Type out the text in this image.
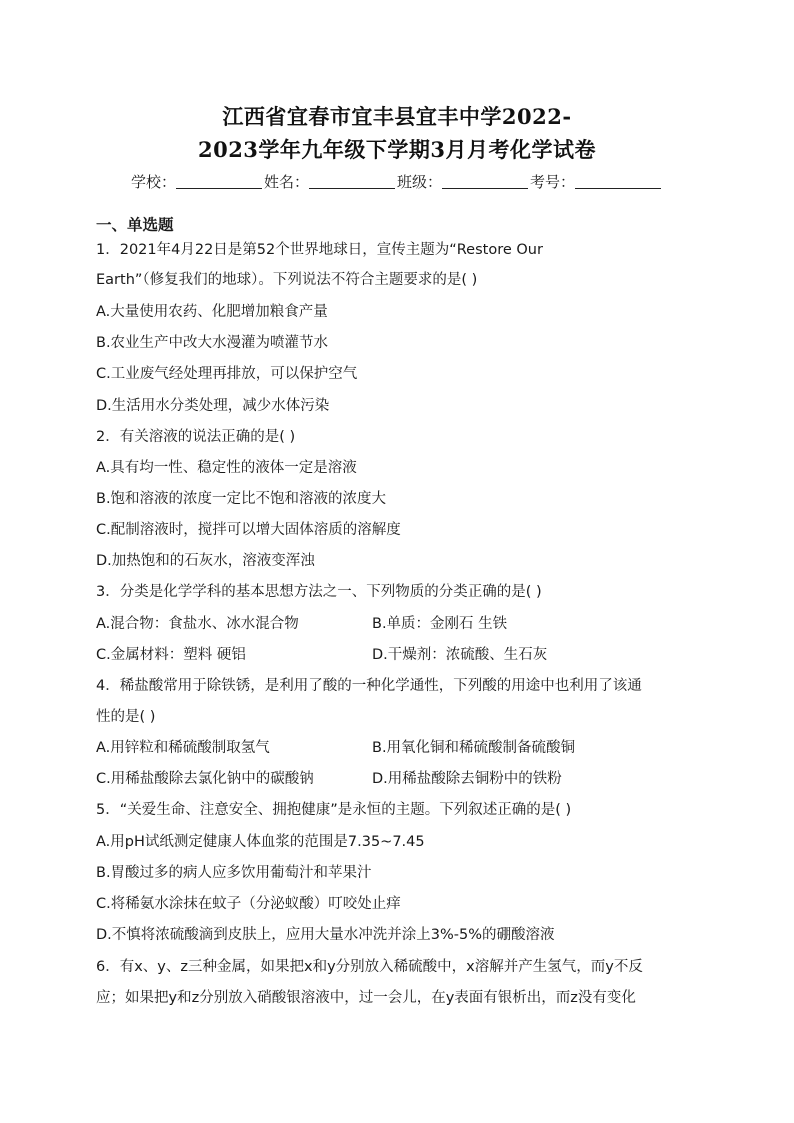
江西省宜春市宜丰县宜丰中学2022-
2023学年九年级下学期3月月考化学试卷
学校：	姓名：	班级：	考号：
一、单选题
1．2021年4月22日是第52个世界地球日，宣传主题为“Restore Our
Earth”（修复我们的地球）。下列说法不符合主题要求的是( )
A.大量使用农药、化肥增加粮食产量
B.农业生产中改大水漫灌为喷灌节水
C.工业废气经处理再排放，可以保护空气
D.生活用水分类处理，减少水体污染
2．有关溶液的说法正确的是( )
A.具有均一性、稳定性的液体一定是溶液
B.饱和溶液的浓度一定比不饱和溶液的浓度大
C.配制溶液时，搅拌可以增大固体溶质的溶解度
D.加热饱和的石灰水，溶液变浑浊
3．分类是化学学科的基本思想方法之一、下列物质的分类正确的是( )
A.混合物：食盐水、冰水混合物	B.单质：金刚石 生铁
C.金属材料：塑料 硬铝	D.干燥剂：浓硫酸、生石灰
4．稀盐酸常用于除铁锈，是利用了酸的一种化学通性，下列酸的用途中也利用了该通
性的是( )
A.用锌粒和稀硫酸制取氢气	B.用氧化铜和稀硫酸制备硫酸铜
C.用稀盐酸除去氯化钠中的碳酸钠	D.用稀盐酸除去铜粉中的铁粉
5．“关爱生命、注意安全、拥抱健康”是永恒的主题。下列叙述正确的是( )
A.用pH试纸测定健康人体血浆的范围是7.35~7.45
B.胃酸过多的病人应多饮用葡萄汁和苹果汁
C.将稀氨水涂抹在蚊子（分泌蚁酸）叮咬处止痒
D.不慎将浓硫酸滴到皮肤上，应用大量水冲洗并涂上3%-5%的硼酸溶液
6．有x、y、z三种金属，如果把x和y分别放入稀硫酸中，x溶解并产生氢气，而y不反
应；如果把y和z分别放入硝酸银溶液中，过一会儿，在y表面有银析出，而z没有变化
